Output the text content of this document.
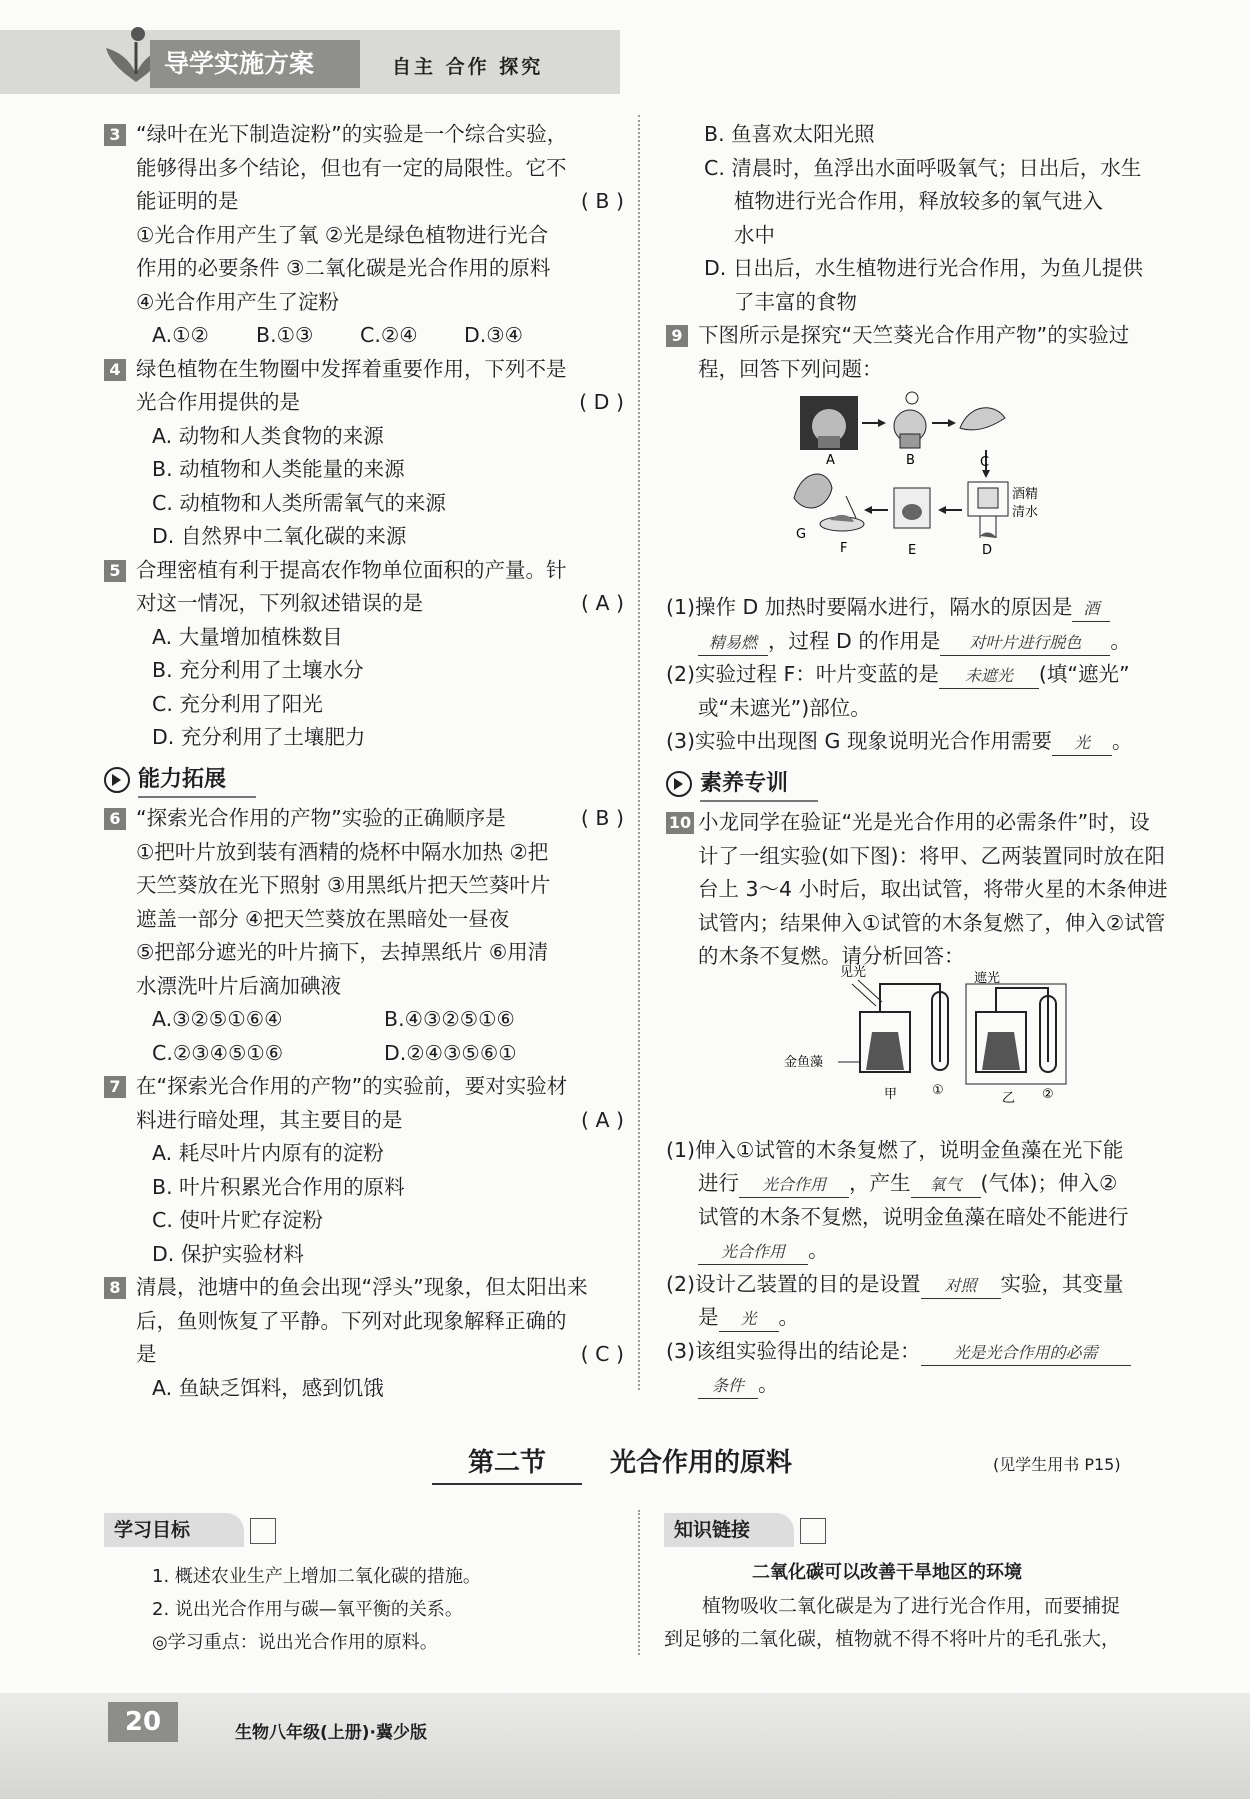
导学实施方案	自主 合作 探究
3 “绿叶在光下制造淀粉”的实验是一个综合实验，
能够得出多个结论，但也有一定的局限性。它不
能证明的是	( B )
①光合作用产生了氧 ②光是绿色植物进行光合
作用的必要条件 ③二氧化碳是光合作用的原料
④光合作用产生了淀粉
A.①②	B.①③	C.②④	D.③④
4 绿色植物在生物圈中发挥着重要作用，下列不是
光合作用提供的是	( D )
A. 动物和人类食物的来源
B. 动植物和人类能量的来源
C. 动植物和人类所需氧气的来源
D. 自然界中二氧化碳的来源
5 合理密植有利于提高农作物单位面积的产量。针
对这一情况，下列叙述错误的是	( A )
A. 大量增加植株数目
B. 充分利用了土壤水分
C. 充分利用了阳光
D. 充分利用了土壤肥力
能力拓展
6 “探索光合作用的产物”实验的正确顺序是	( B )
①把叶片放到装有酒精的烧杯中隔水加热 ②把
天竺葵放在光下照射 ③用黑纸片把天竺葵叶片
遮盖一部分 ④把天竺葵放在黑暗处一昼夜
⑤把部分遮光的叶片摘下，去掉黑纸片 ⑥用清
水漂洗叶片后滴加碘液
A.③②⑤①⑥④	B.④③②⑤①⑥
C.②③④⑤①⑥	D.②④③⑤⑥①
7 在“探索光合作用的产物”的实验前，要对实验材
料进行暗处理，其主要目的是	( A )
A. 耗尽叶片内原有的淀粉
B. 叶片积累光合作用的原料
C. 使叶片贮存淀粉
D. 保护实验材料
8 清晨，池塘中的鱼会出现“浮头”现象，但太阳出来
后，鱼则恢复了平静。下列对此现象解释正确的
是	( C )
A. 鱼缺乏饵料，感到饥饿
B. 鱼喜欢太阳光照
C. 清晨时，鱼浮出水面呼吸氧气；日出后，水生
植物进行光合作用，释放较多的氧气进入
水中
D. 日出后，水生植物进行光合作用，为鱼儿提供
了丰富的食物
9 下图所示是探究“天竺葵光合作用产物”的实验过
程，回答下列问题：
(1)操作 D 加热时要隔水进行，隔水的原因是 酒
精易燃 ，过程 D 的作用是 对叶片进行脱色 。
(2)实验过程 F：叶片变蓝的是 未遮光 (填“遮光”
或“未遮光”)部位。
(3)实验中出现图 G 现象说明光合作用需要 光 。
素养专训
10 小龙同学在验证“光是光合作用的必需条件”时，设
计了一组实验(如下图)：将甲、乙两装置同时放在阳
台上 3～4 小时后，取出试管，将带火星的木条伸进
试管内；结果伸入①试管的木条复燃了，伸入②试管
的木条不复燃。请分析回答：
(1)伸入①试管的木条复燃了，说明金鱼藻在光下能
进行 光合作用 ，产生 氧气 (气体)；伸入②
试管的木条不复燃，说明金鱼藻在暗处不能进行
光合作用 。
(2)设计乙装置的目的是设置 对照 实验，其变量
是 光 。
(3)该组实验得出的结论是： 光是光合作用的必需
条件 。
酒精
清水
A	B	C
D
E
F
G
见光
金鱼藻
甲	①
遮光
乙 ②
第二节	光合作用的原料	(见学生用书 P15)
学习目标
1. 概述农业生产上增加二氧化碳的措施。
2. 说出光合作用与碳—氧平衡的关系。
◎学习重点：说出光合作用的原料。
知识链接
二氧化碳可以改善干旱地区的环境
植物吸收二氧化碳是为了进行光合作用，而要捕捉
到足够的二氧化碳，植物就不得不将叶片的毛孔张大，
20	生物八年级(上册)·冀少版
